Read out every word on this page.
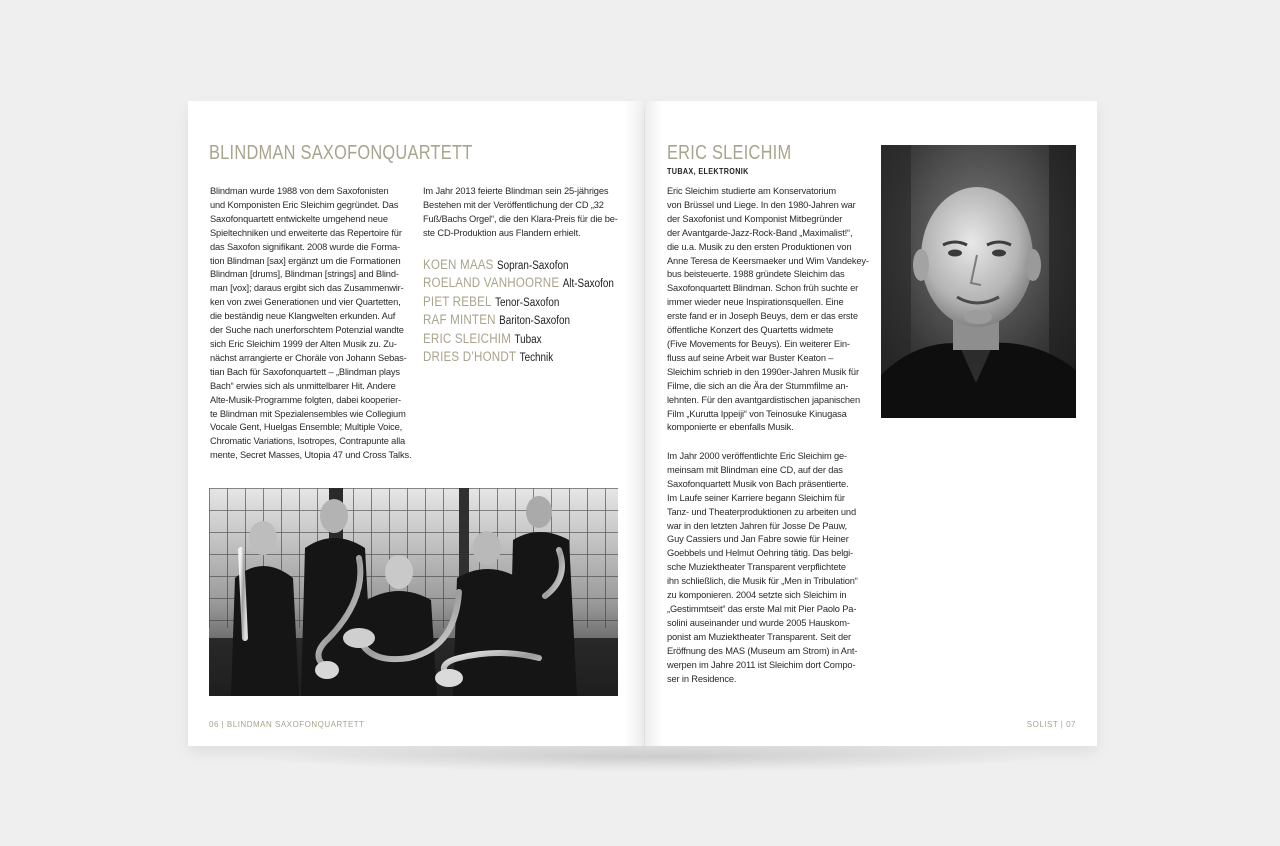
BLINDMAN SAXOFONQUARTETT
Blindman wurde 1988 von dem Saxofonisten
und Komponisten Eric Sleichim gegründet. Das
Saxofonquartett entwickelte umgehend neue
Spieltechniken und erweiterte das Repertoire für
das Saxofon signifikant. 2008 wurde die Forma-
tion Blindman [sax] ergänzt um die Formationen
Blindman [drums], Blindman [strings] and Blind-
man [vox]; daraus ergibt sich das Zusammenwir-
ken von zwei Generationen und vier Quartetten,
die beständig neue Klangwelten erkunden. Auf
der Suche nach unerforschtem Potenzial wandte
sich Eric Sleichim 1999 der Alten Musik zu. Zu-
nächst arrangierte er Choräle von Johann Sebas-
tian Bach für Saxofonquartett – „Blindman plays
Bach“ erwies sich als unmittelbarer Hit. Andere
Alte-Musik-Programme folgten, dabei kooperier-
te Blindman mit Spezialensembles wie Collegium
Vocale Gent, Huelgas Ensemble; Multiple Voice,
Chromatic Variations, Isotropes, Contrapunte alla
mente, Secret Masses, Utopia 47 und Cross Talks.
Im Jahr 2013 feierte Blindman sein 25-jähriges
Bestehen mit der Veröffentlichung der CD „32
Fuß/Bachs Orgel“, die den Klara-Preis für die be-
ste CD-Produktion aus Flandern erhielt.
KOEN MAAS Sopran-Saxofon
ROELAND VANHOORNE Alt-Saxofon
PIET REBEL Tenor-Saxofon
RAF MINTEN Bariton-Saxofon
ERIC SLEICHIM Tubax
DRIES D’HONDT Technik
06 | BLINDMAN SAXOFONQUARTETT
ERIC SLEICHIM

TUBAX, ELEKTRONIK

Eric Sleichim studierte am Konservatorium
von Brüssel und Liege. In den 1980-Jahren war
der Saxofonist und Komponist Mitbegründer
der Avantgarde-Jazz-Rock-Band „Maximalist!“,
die u.a. Musik zu den ersten Produktionen von
Anne Teresa de Keersmaeker und Wim Vandekey-
bus beisteuerte. 1988 gründete Sleichim das
Saxofonquartett Blindman. Schon früh suchte er
immer wieder neue Inspirationsquellen. Eine
erste fand er in Joseph Beuys, dem er das erste
öffentliche Konzert des Quartetts widmete
(Five Movements for Beuys). Ein weiterer Ein-
fluss auf seine Arbeit war Buster Keaton –
Sleichim schrieb in den 1990er-Jahren Musik für
Filme, die sich an die Ära der Stummfilme an-
lehnten. Für den avantgardistischen japanischen
Film „Kurutta Ippeiji“ von Teinosuke Kinugasa
komponierte er ebenfalls Musik.
Im Jahr 2000 veröffentlichte Eric Sleichim ge-
meinsam mit Blindman eine CD, auf der das
Saxofonquartett Musik von Bach präsentierte.
Im Laufe seiner Karriere begann Sleichim für
Tanz- und Theaterproduktionen zu arbeiten und
war in den letzten Jahren für Josse De Pauw,
Guy Cassiers und Jan Fabre sowie für Heiner
Goebbels und Helmut Oehring tätig. Das belgi-
sche Muziektheater Transparent verpflichtete
ihn schließlich, die Musik für „Men in Tribulation“
zu komponieren. 2004 setzte sich Sleichim in
„Gestimmtseit“ das erste Mal mit Pier Paolo Pa-
solini auseinander und wurde 2005 Hauskom-
ponist am Muziektheater Transparent. Seit der
Eröffnung des MAS (Museum am Strom) in Ant-
werpen im Jahre 2011 ist Sleichim dort Compo-
ser in Residence.
SOLIST | 07
